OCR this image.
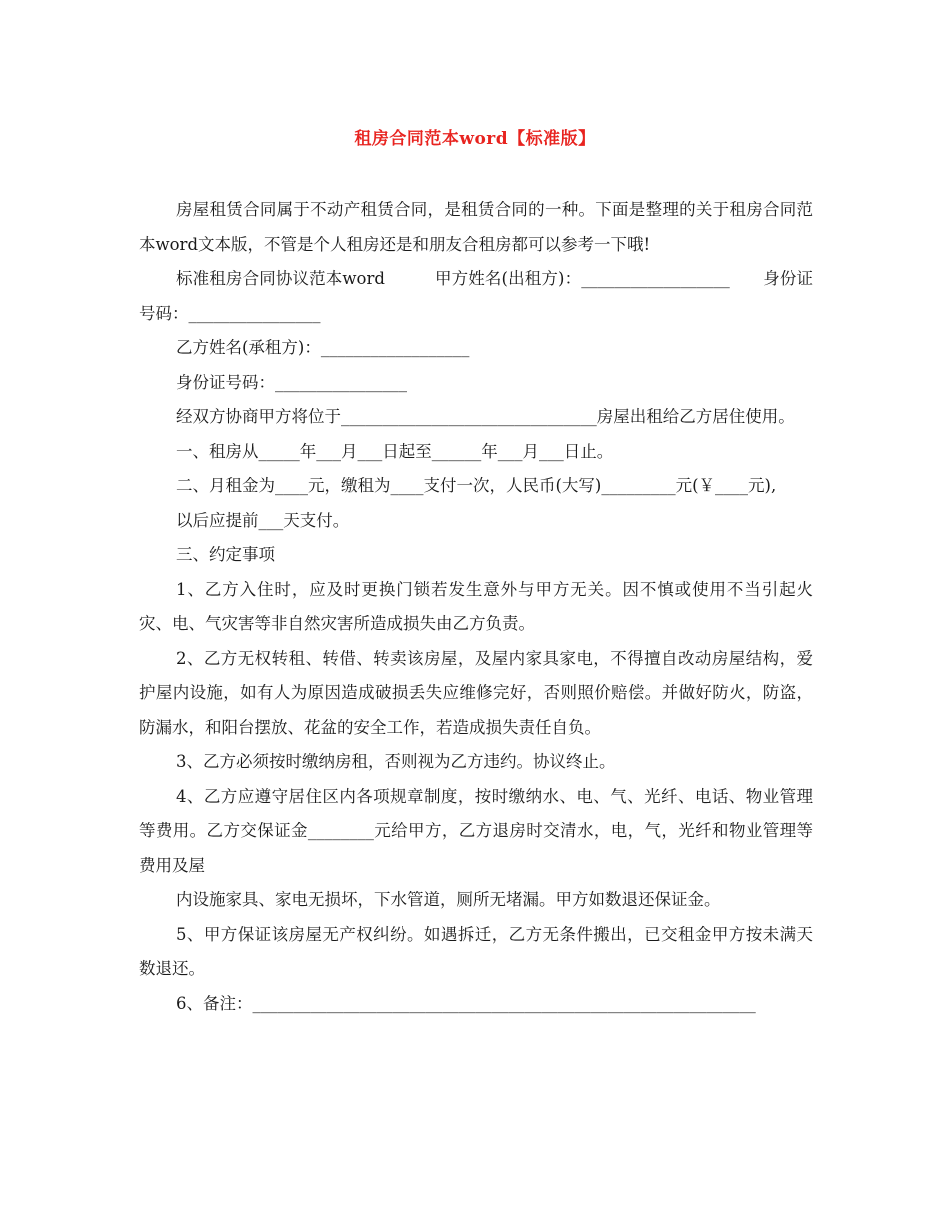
租房合同范本word【标准版】

房屋租赁合同属于不动产租赁合同，是租赁合同的一种。下面是整理的关于租房合同范本word文本版，不管是个人租房还是和朋友合租房都可以参考一下哦!

标准租房合同协议范本word　　　甲方姓名(出租方)：__________________　　身份证号码：________________

乙方姓名(承租方)：__________________

身份证号码：________________

经双方协商甲方将位于_______________________________房屋出租给乙方居住使用。

一、租房从_____年___月___日起至______年___月___日止。

二、月租金为____元，缴租为____支付一次，人民币(大写)_________元(￥____元),

以后应提前___天支付。

三、约定事项

1、乙方入住时，应及时更换门锁若发生意外与甲方无关。因不慎或使用不当引起火灾、电、气灾害等非自然灾害所造成损失由乙方负责。

2、乙方无权转租、转借、转卖该房屋，及屋内家具家电，不得擅自改动房屋结构，爱护屋内设施，如有人为原因造成破损丢失应维修完好，否则照价赔偿。并做好防火，防盗，防漏水，和阳台摆放、花盆的安全工作，若造成损失责任自负。

3、乙方必须按时缴纳房租，否则视为乙方违约。协议终止。

4、乙方应遵守居住区内各项规章制度，按时缴纳水、电、气、光纤、电话、物业管理等费用。乙方交保证金________元给甲方，乙方退房时交清水，电，气，光纤和物业管理等费用及屋

内设施家具、家电无损坏，下水管道，厕所无堵漏。甲方如数退还保证金。

5、甲方保证该房屋无产权纠纷。如遇拆迁，乙方无条件搬出，已交租金甲方按未满天数退还。

6、备注：_____________________________________________________________
